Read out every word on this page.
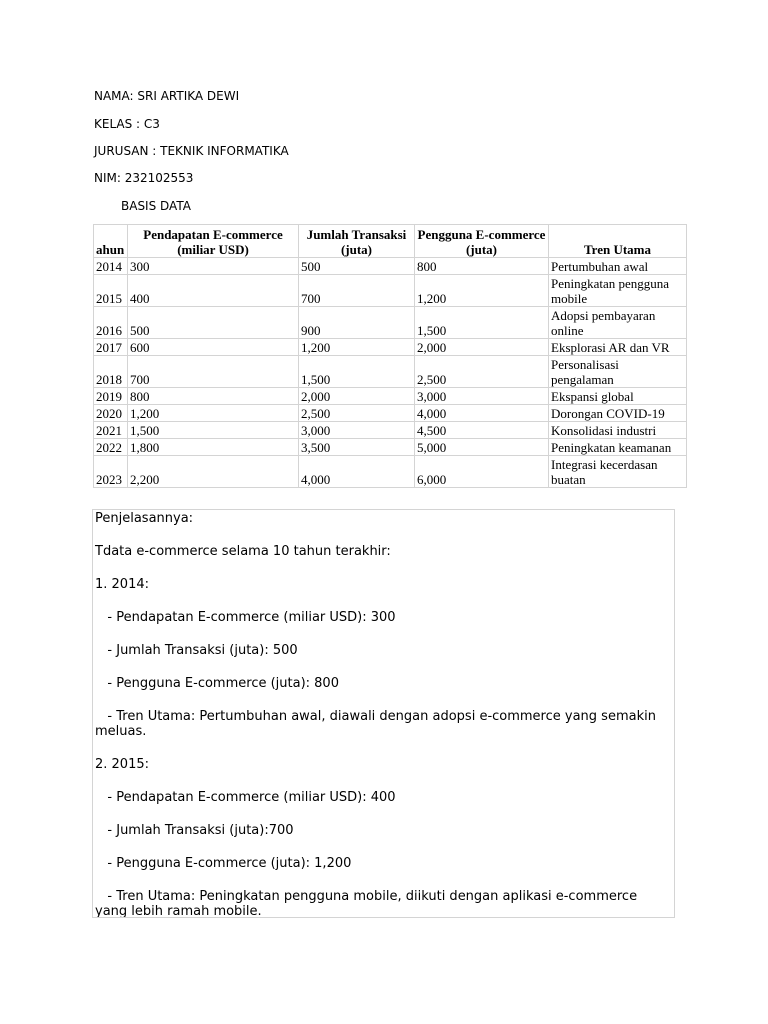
NAMA: SRI ARTIKA DEWI
KELAS : C3
JURUSAN : TEKNIK INFORMATIKA
NIM: 232102553
BASIS DATA
ahun	Pendapatan E-commerce (miliar USD)	Jumlah Transaksi (juta)	Pengguna E-commerce (juta)	Tren Utama
2014	300	500	800	Pertumbuhan awal
2015	400	700	1,200	Peningkatan pengguna mobile
2016	500	900	1,500	Adopsi pembayaran online
2017	600	1,200	2,000	Eksplorasi AR dan VR
2018	700	1,500	2,500	Personalisasi pengalaman
2019	800	2,000	3,000	Ekspansi global
2020	1,200	2,500	4,000	Dorongan COVID-19
2021	1,500	3,000	4,500	Konsolidasi industri
2022	1,800	3,500	5,000	Peningkatan keamanan
2023	2,200	4,000	6,000	Integrasi kecerdasan buatan

Penjelasannya:

Tdata e-commerce selama 10 tahun terakhir:

1. 2014:

- Pendapatan E-commerce (miliar USD): 300

- Jumlah Transaksi (juta): 500

- Pengguna E-commerce (juta): 800

- Tren Utama: Pertumbuhan awal, diawali dengan adopsi e-commerce yang semakin meluas.

2. 2015:

- Pendapatan E-commerce (miliar USD): 400

- Jumlah Transaksi (juta):700

- Pengguna E-commerce (juta): 1,200

- Tren Utama: Peningkatan pengguna mobile, diikuti dengan aplikasi e-commerce yang lebih ramah mobile.
